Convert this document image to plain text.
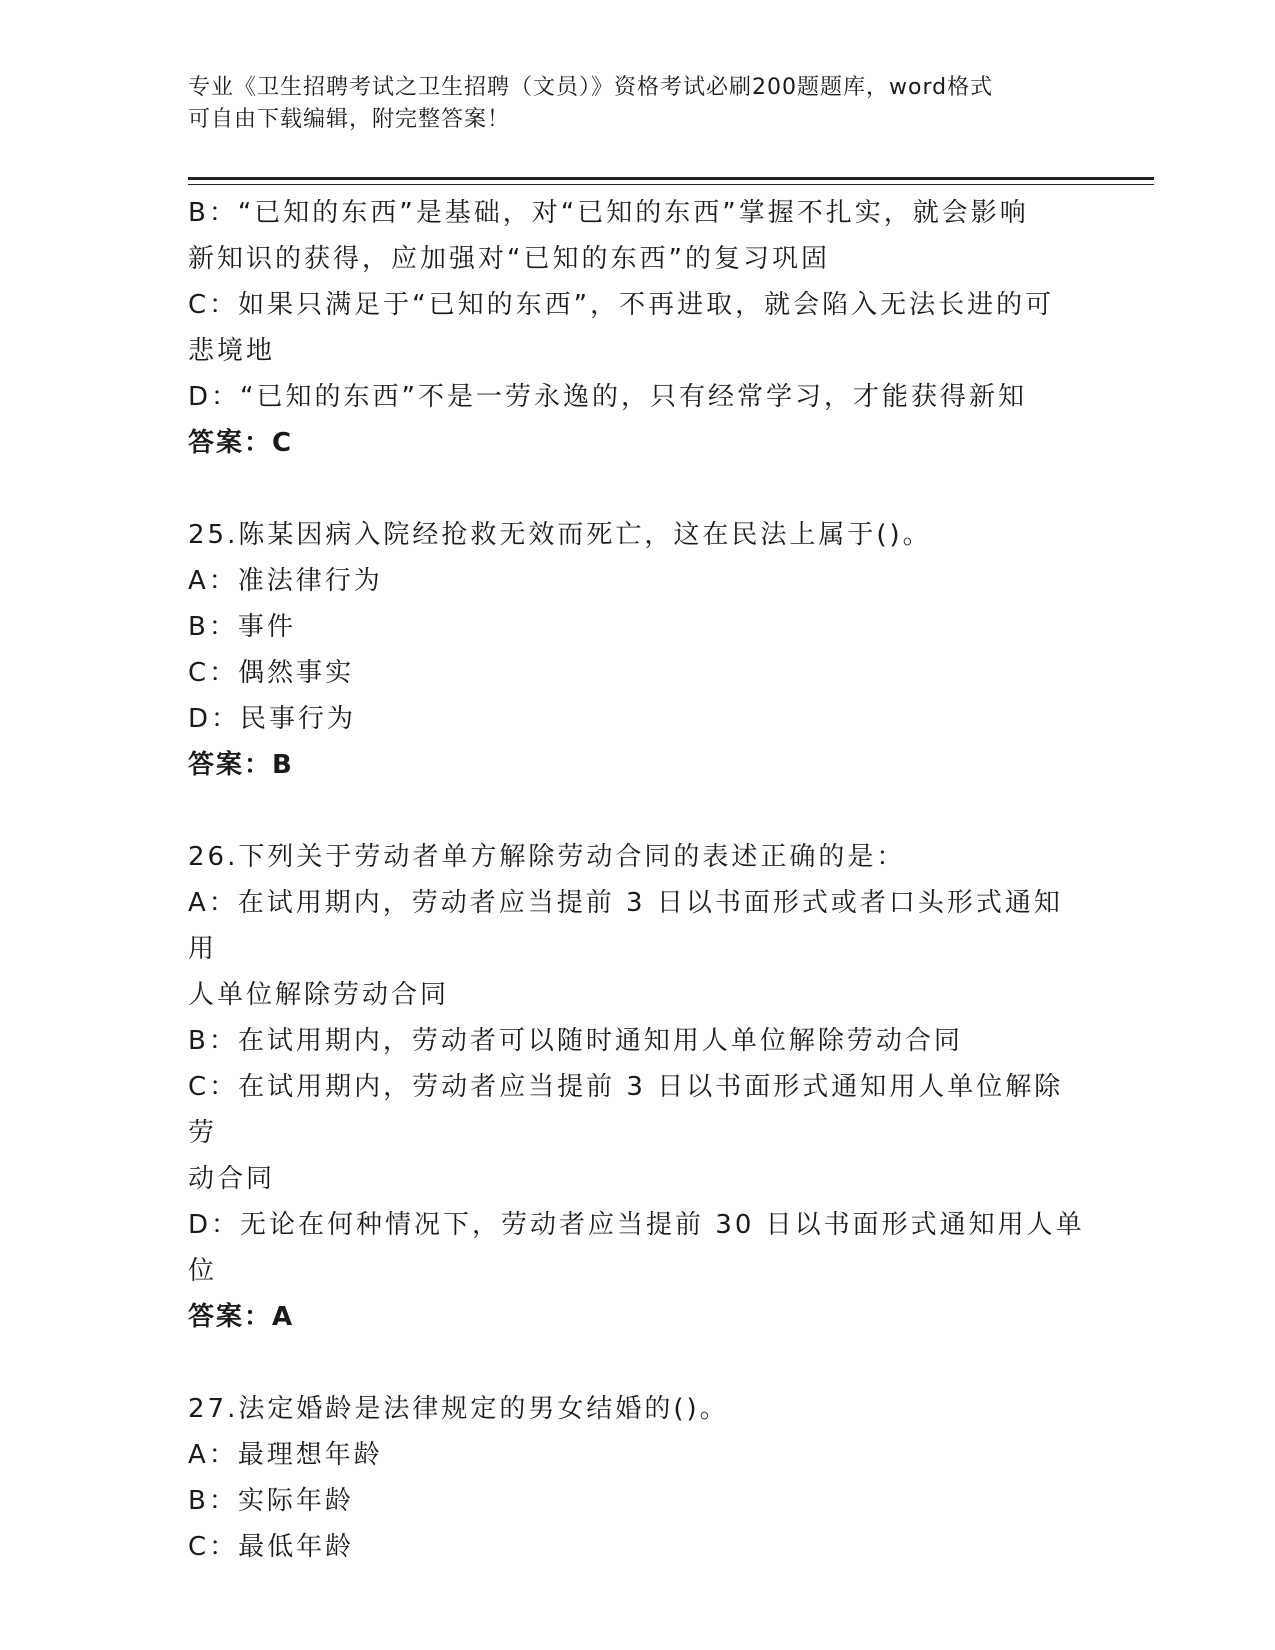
专业《卫生招聘考试之卫生招聘（文员）》资格考试必刷200题题库，word格式
可自由下载编辑，附完整答案！
B：“已知的东西”是基础，对“已知的东西”掌握不扎实，就会影响
新知识的获得，应加强对“已知的东西”的复习巩固
C：如果只满足于“已知的东西”，不再进取，就会陷入无法长进的可
悲境地
D：“已知的东西”不是一劳永逸的，只有经常学习，才能获得新知
答案：C
25.陈某因病入院经抢救无效而死亡，这在民法上属于()。
A：准法律行为
B：事件
C：偶然事实
D：民事行为
答案：B
26.下列关于劳动者单方解除劳动合同的表述正确的是：
A：在试用期内，劳动者应当提前 3 日以书面形式或者口头形式通知用
人单位解除劳动合同
B：在试用期内，劳动者可以随时通知用人单位解除劳动合同
C：在试用期内，劳动者应当提前 3 日以书面形式通知用人单位解除劳
动合同
D：无论在何种情况下，劳动者应当提前 30 日以书面形式通知用人单
位
答案：A
27.法定婚龄是法律规定的男女结婚的()。
A：最理想年龄
B：实际年龄
C：最低年龄
